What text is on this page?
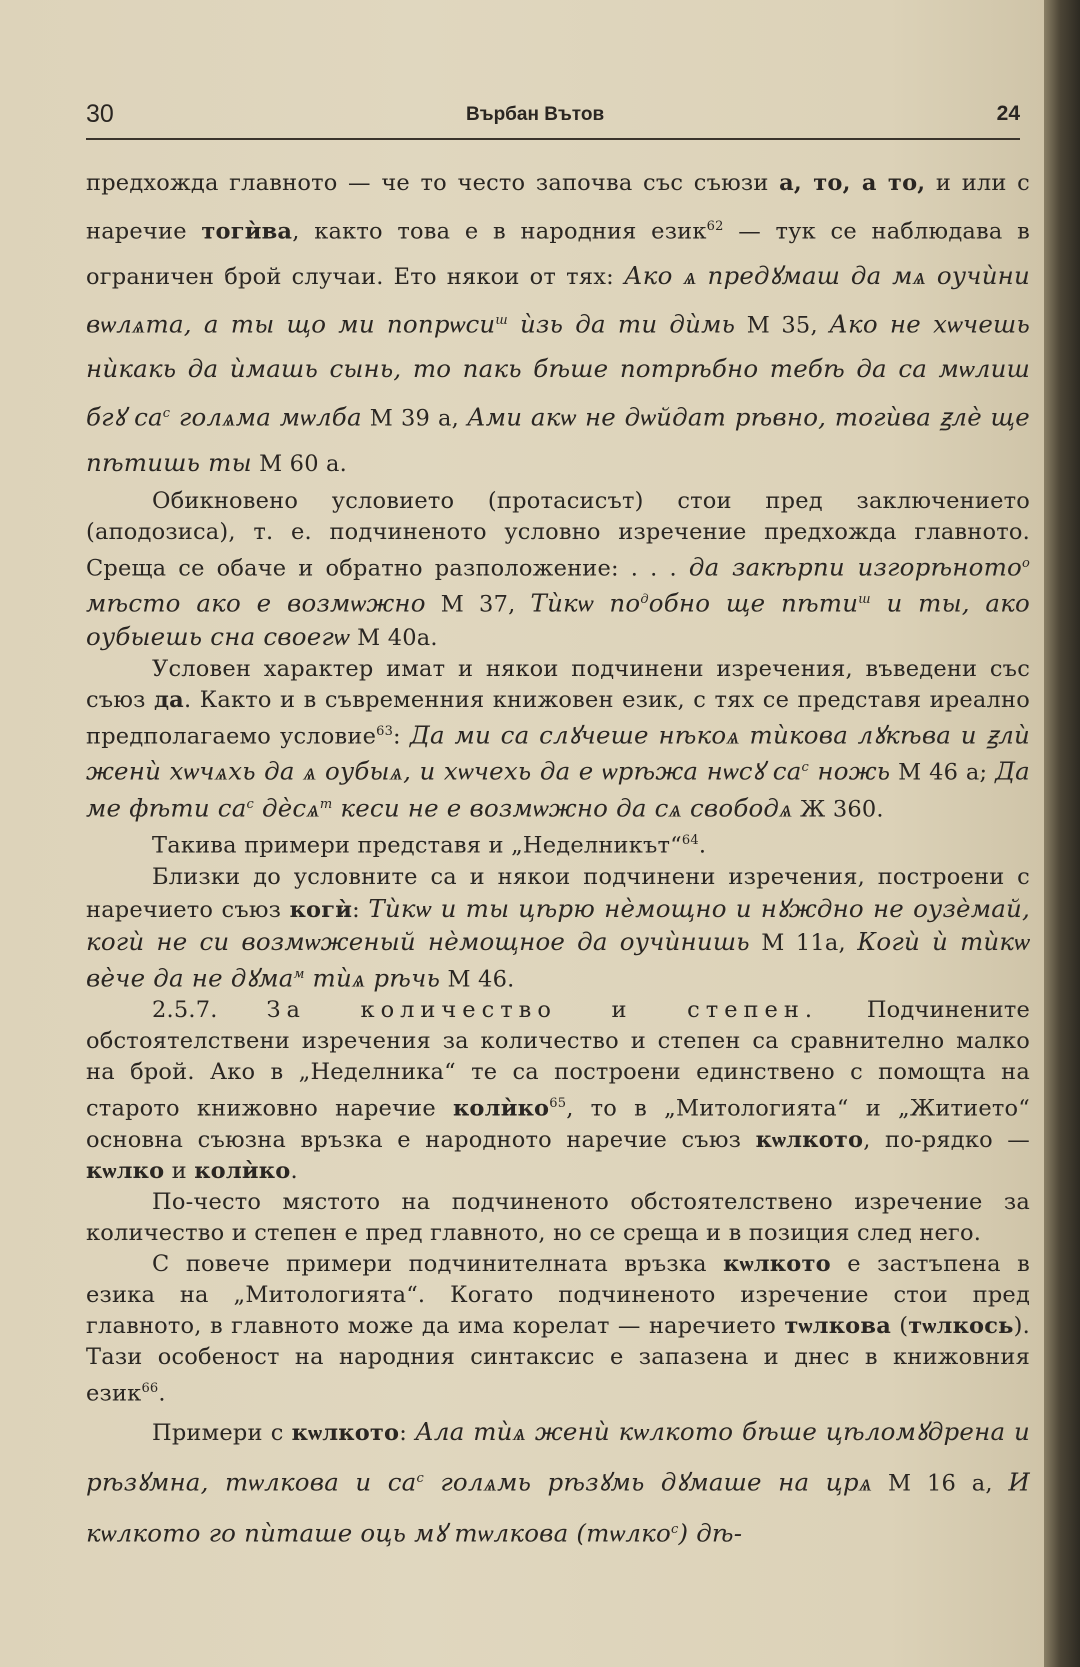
30	Върбан Вътов	24

предхожда главното — че то често започва със съюзи а, то, а то, и или с наречие тогѝва, както това е в народния език$^{62}$ — тук се наблюдава в ограничен брой случаи. Ето някои от тях: Ако ѧ предꙋмаш да мѧ оучѝни вѡлѧта, а ты що ми попрѡси$^ш$ ѝзь да ти дѝмь М 35, Ако не хѡчешь нѝкакь да ѝмашь сынь, то пакь бѣше потрѣбно тебѣ да са мѡлиш бгꙋ $са^с$ голѧма мѡлба М 39 а, Ами акѡ не дѡйдат рѣвно, тогѝва ꙃлѐ ще пѣтишь ты М 60 а.

Обикновено условието (протасисът) стои пред заключението (аподозиса), т. е. подчиненото условно изречение предхожда главното. Среща се обаче и обратно разположение: . . . да закѣрпи изгорѣното$^о$ мѣсто ако е возмѡжно М 37, Тѝкѡ $по^добно$ ще пѣти$^ш$ и ты, ако оубыешь сна своегѡ М 40а.

Условен характер имат и някои подчинени изречения, въведени със съюз да. Както и в съвременния книжовен език, с тях се представя ирeално предполагаемо условие$^{63}$: Да ми са слꙋчеше нѣкоѧ тѝкова лꙋкѣва и ꙃлѝ женѝ хѡчѧхь да ѧ оубыѧ, и хѡчехь да е ѡрѣжа нѡсꙋ $са^с$ ножь М 46 а; Да ме фѣти $са^с$ дѐсѧ$^т$ кеси не е возмѡжно да сѧ свободѧ Ж 360.

Такива примери представя и „Неделникът“$^{64}$.

Близки до условните са и някои подчинени изречения, построени с наречието съюз когѝ: Тѝкѡ и ты цѣрю нѐмощно и нꙋждно не оузѐмай, когѝ не си возмѡженый нѐмощное да оучѝнишь М 11а, Когѝ ѝ тѝкѡ вѐче да не дꙋма$^м$ тѝѧ рѣчь М 46.

2.5.7. За количество и степен. Подчинените обстоятелствени изречения за количество и степен са сравнително малко на брой. Ако в „Неделника“ те са построени единствено с помощта на старото книжовно наречие колѝко$^{65}$, то в „Митологията“ и „Житието“ основна съюзна връзка е народното наречие съюз кѡлкото, по-рядко — кѡлко и колѝко.

По-често мястото на подчиненото обстоятелствено изречение за количество и степен е пред главното, но се среща и в позиция след него.

С повече примери подчинителната връзка кѡлкото е застъпена в езика на „Митологията“. Когато подчиненото изречение стои пред главното, в главното може да има корелат — наречието тѡлкова (тѡлкось). Тази особеност на народния синтаксис е запазена и днес в книжовния език$^{66}$.

Примери с кѡлкото: Ала тѝѧ женѝ кѡлкото бѣше цѣломꙋдрена и рѣзꙋмна, тѡлкова и $са^с$ голѧмь рѣзꙋмь дꙋмаше на црѧ М 16 а, И кѡлкото го пѝташе оць мꙋ тѡлкова (тѡлко$^с$) дѣ-
